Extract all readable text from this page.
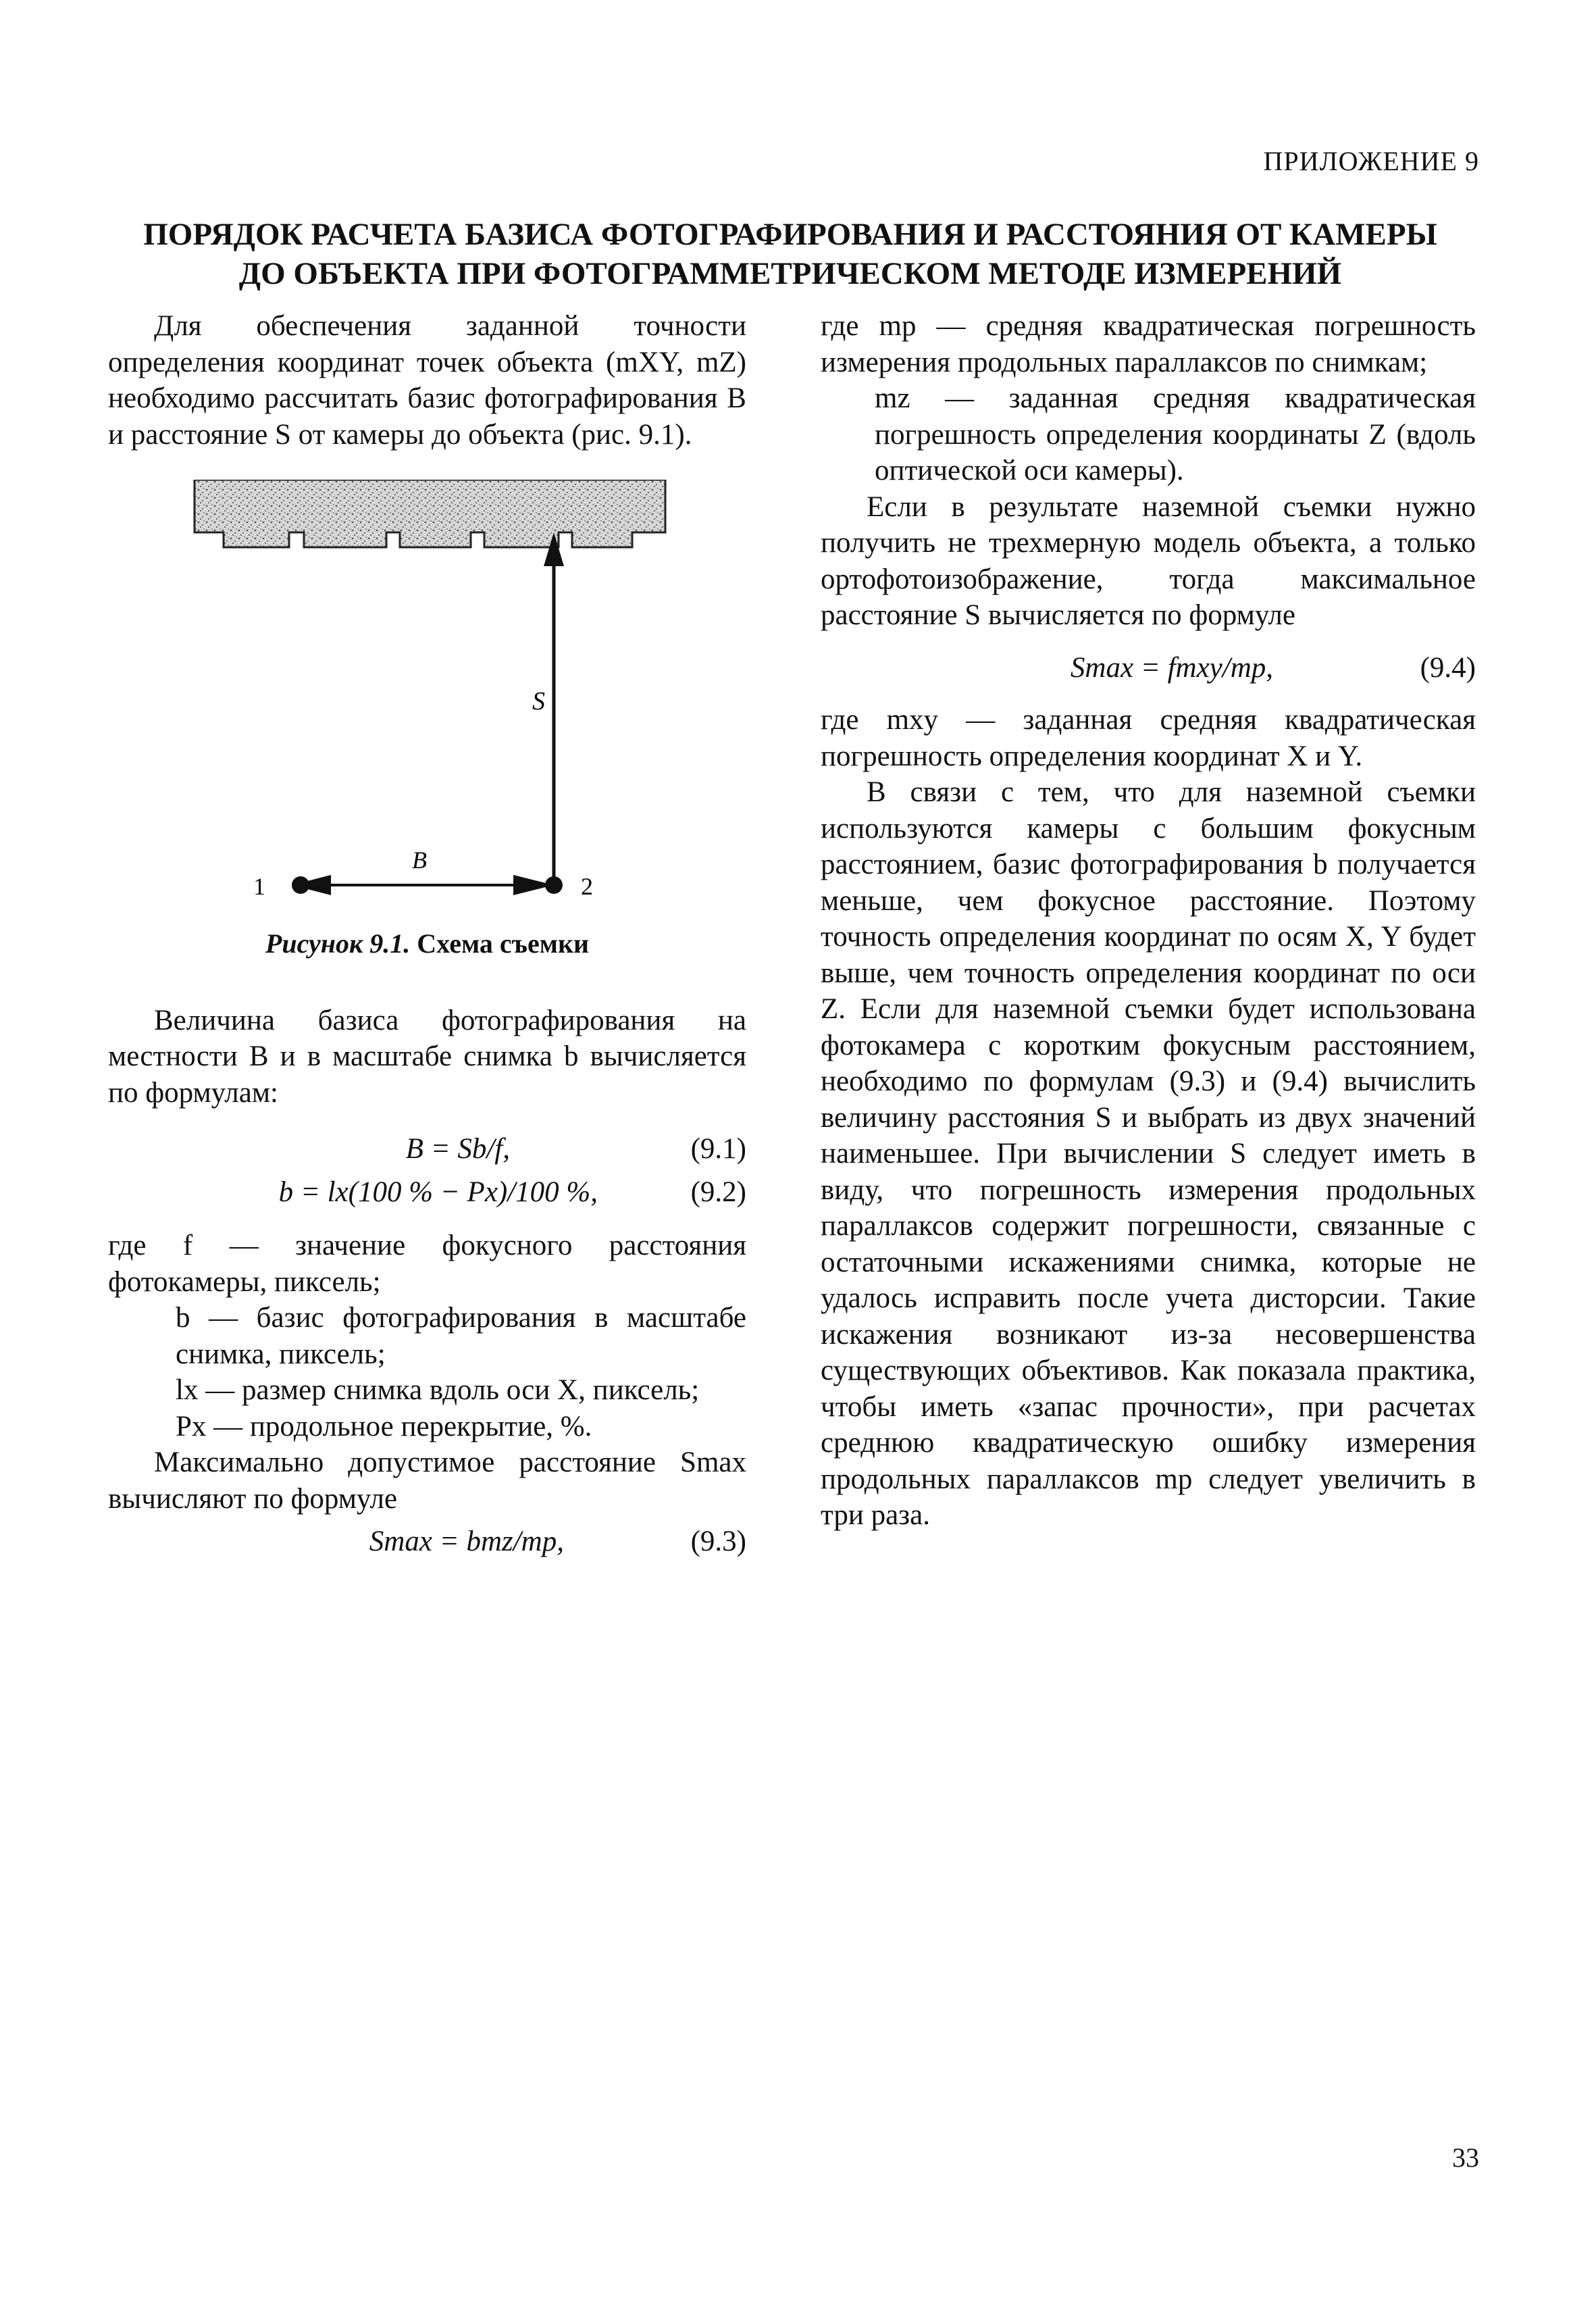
ПРИЛОЖЕНИЕ 9
ПОРЯДОК РАСЧЕТА БАЗИСА ФОТОГРАФИРОВАНИЯ И РАССТОЯНИЯ ОТ КАМЕРЫ
ДО ОБЪЕКТА ПРИ ФОТОГРАММЕТРИЧЕСКОМ МЕТОДЕ ИЗМЕРЕНИЙ

Для обеспечения заданной точности определения координат точек объекта (mXY, mZ) необходимо рассчитать базис фотографирования B и расстояние S от камеры до объекта (рис. 9.1).

S
B
1	2
Рисунок 9.1. Схема съемки

Величина базиса фотографирования на местности B и в масштабе снимка b вычисляется по формулам:

B = Sb/f,	(9.1)
b = lx(100 % − Px)/100 %,	(9.2)

где f — значение фокусного расстояния фотокамеры, пиксель;

b — базис фотографирования в масштабе снимка, пиксель;

lx — размер снимка вдоль оси X, пиксель;

Px — продольное перекрытие, %.

Максимально допустимое расстояние Smax вычисляют по формуле

Smax = bmz/mp,	(9.3)

где mp — средняя квадратическая погрешность измерения продольных параллаксов по снимкам;

mz — заданная средняя квадратическая погрешность определения координаты Z (вдоль оптической оси камеры).

Если в результате наземной съемки нужно получить не трехмерную модель объекта, а только ортофотоизображение, тогда максимальное расстояние S вычисляется по формуле

Smax = fmxy/mp,	(9.4)

где mxy — заданная средняя квадратическая погрешность определения координат X и Y.

В связи с тем, что для наземной съемки используются камеры с большим фокусным расстоянием, базис фотографирования b получается меньше, чем фокусное расстояние. Поэтому точность определения координат по осям X, Y будет выше, чем точность определения координат по оси Z. Если для наземной съемки будет использована фотокамера с коротким фокусным расстоянием, необходимо по формулам (9.3) и (9.4) вычислить величину расстояния S и выбрать из двух значений наименьшее. При вычислении S следует иметь в виду, что погрешность измерения продольных параллаксов содержит погрешности, связанные с остаточными искажениями снимка, которые не удалось исправить после учета дисторсии. Такие искажения возникают из-за несовершенства существующих объективов. Как показала практика, чтобы иметь «запас прочности», при расчетах среднюю квадратическую ошибку измерения продольных параллаксов mp следует увеличить в три раза.

33
